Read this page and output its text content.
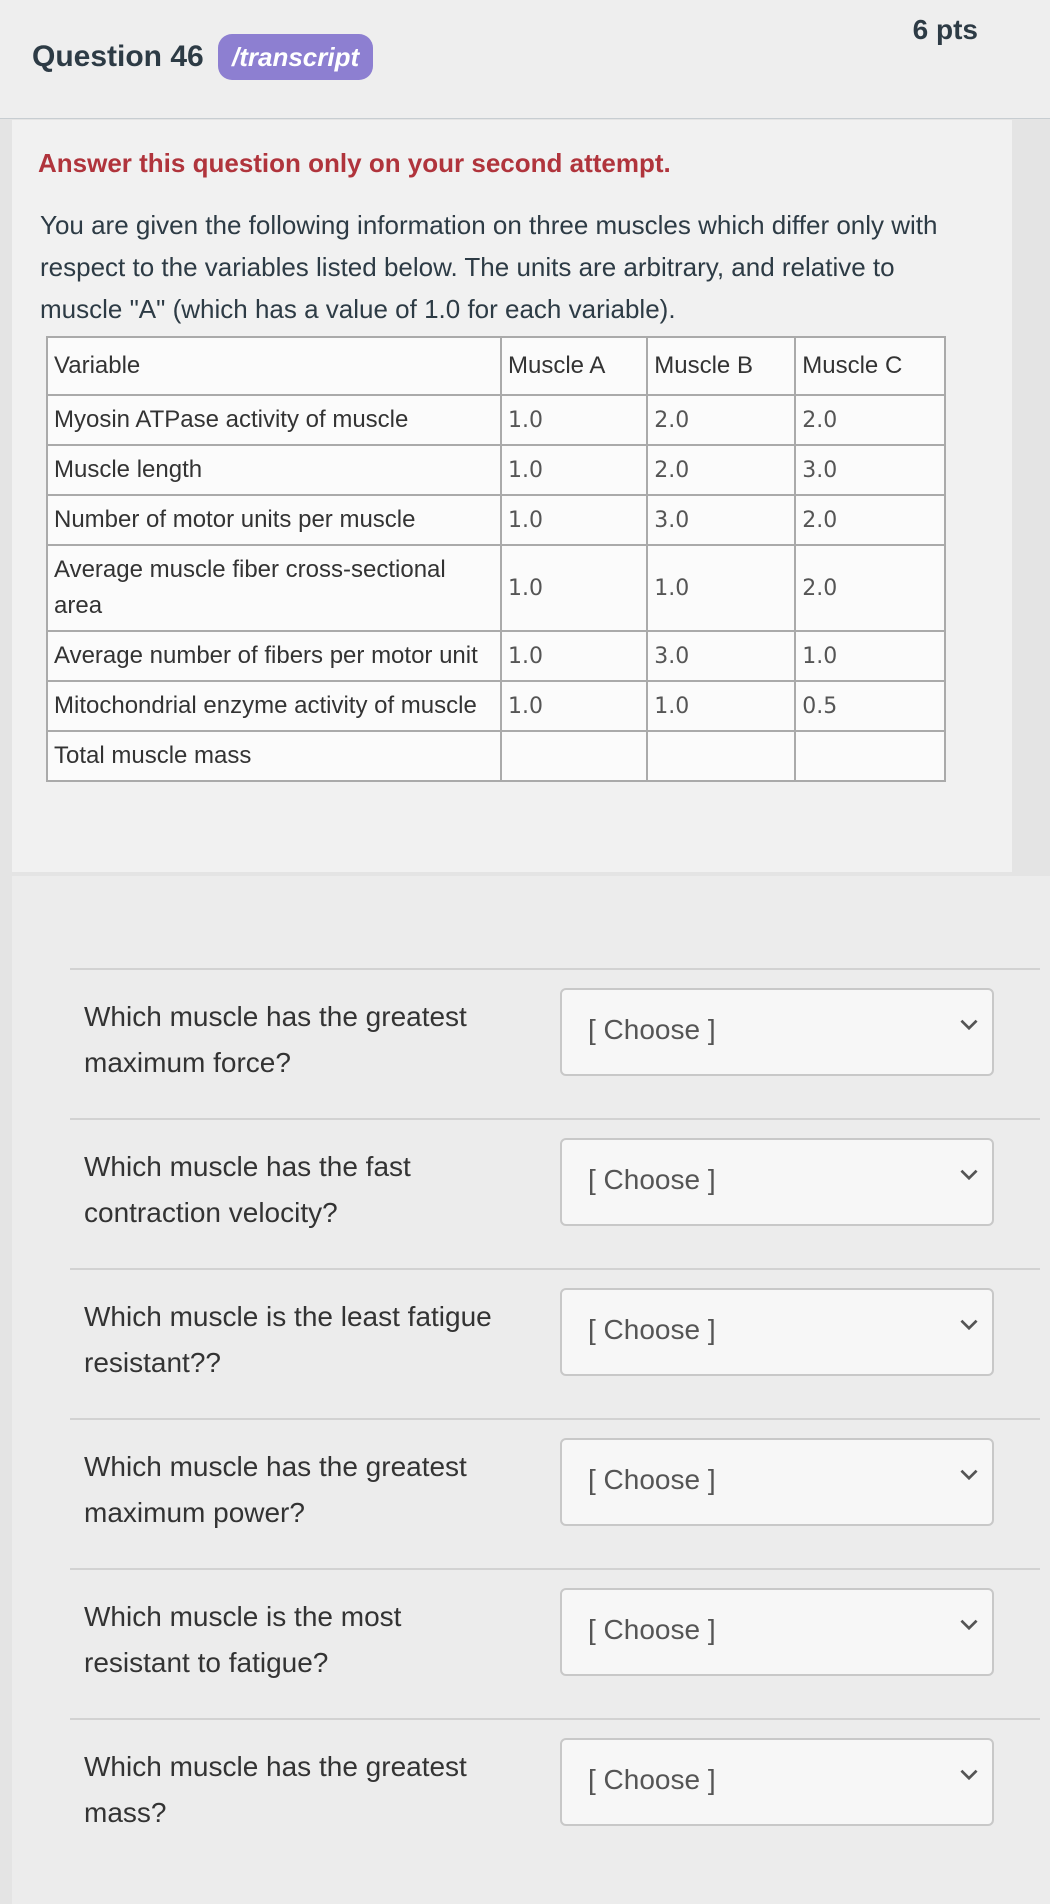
Question 46	/transcript
6 pts
Answer this question only on your second attempt.
You are given the following information on three muscles which differ only with respect to the variables listed below. The units are arbitrary, and relative to muscle "A" (which has a value of 1.0 for each variable).
Variable	Muscle A	Muscle B	Muscle C
Myosin ATPase activity of muscle	1.0	2.0	2.0
Muscle length	1.0	2.0	3.0
Number of motor units per muscle	1.0	3.0	2.0
Average muscle fiber cross-sectional area	1.0	1.0	2.0
Average number of fibers per motor unit	1.0	3.0	1.0
Mitochondrial enzyme activity of muscle	1.0	1.0	0.5
Total muscle mass			
Which muscle has the greatest maximum force?
[ Choose ]
Which muscle has the fast contraction velocity?
[ Choose ]
Which muscle is the least fatigue resistant??
[ Choose ]
Which muscle has the greatest maximum power?
[ Choose ]
Which muscle is the most resistant to fatigue?
[ Choose ]
Which muscle has the greatest mass?
[ Choose ]
